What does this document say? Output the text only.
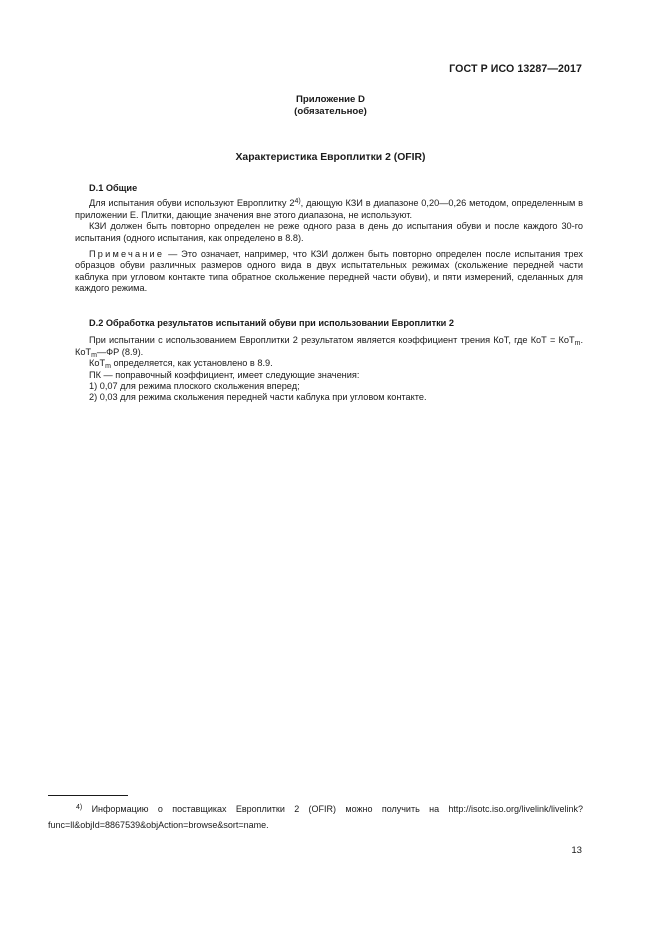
ГОСТ Р ИСО 13287—2017
Приложение D
(обязательное)
Характеристика Европлитки 2 (OFIR)

D.1 Общие

Для испытания обуви используют Европлитку 2$^{4)}$, дающую КЗИ в диапазоне 0,20—0,26 методом, определенным в приложении Е. Плитки, дающие значения вне этого диапазона, не используют.

КЗИ должен быть повторно определен не реже одного раза в день до испытания обуви и после каждого 30-го испытания (одного испытания, как определено в 8.8).

Примечание — Это означает, например, что КЗИ должен быть повторно определен после испытания трех образцов обуви различных размеров одного вида в двух испытательных режимах (скольжение передней части каблука при угловом контакте типа обратное скольжение передней части обуви), и пяти измерений, сделанных для каждого режима.

D.2 Обработка результатов испытаний обуви при использовании Европлитки 2

При испытании с использованием Европлитки 2 результатом является коэффициент трения КоТ, где КоТ = КоТ$_m$. КоТ$_m$—ФР (8.9).

КоТ$_m$ определяется, как установлено в 8.9.

ПК — поправочный коэффициент, имеет следующие значения:

1) 0,07 для режима плоского скольжения вперед;

2) 0,03 для режима скольжения передней части каблука при угловом контакте.

$^{4)}$ Информацию о поставщиках Европлитки 2 (OFIR) можно получить на http://isotc.iso.org/livelink/livelink?func=ll&objId=8867539&objAction=browse&sort=name.
13
